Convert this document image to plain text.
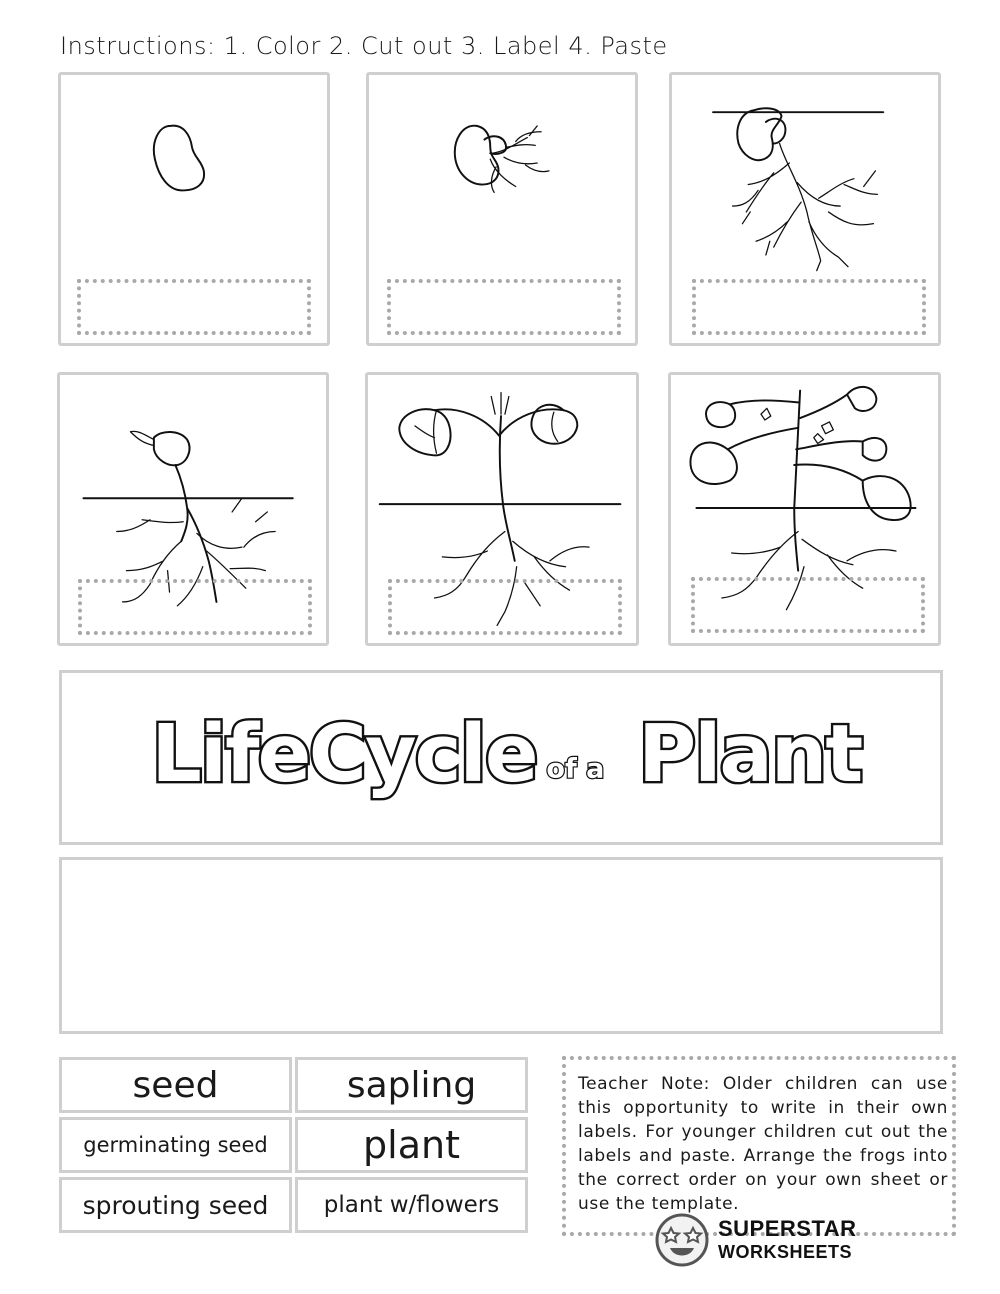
Instructions: 1. Color 2. Cut out 3. Label 4. Paste
Life Cycle of a Plant
seed	sapling
germinating seed	plant
sprouting seed plant w/flowers
Teacher Note: Older children can use this opportunity to write in their own labels. For younger children cut out the labels and paste. Arrange the frogs into the correct order on your own sheet or use the template.
SUPERSTAR
WORKSHEETS
